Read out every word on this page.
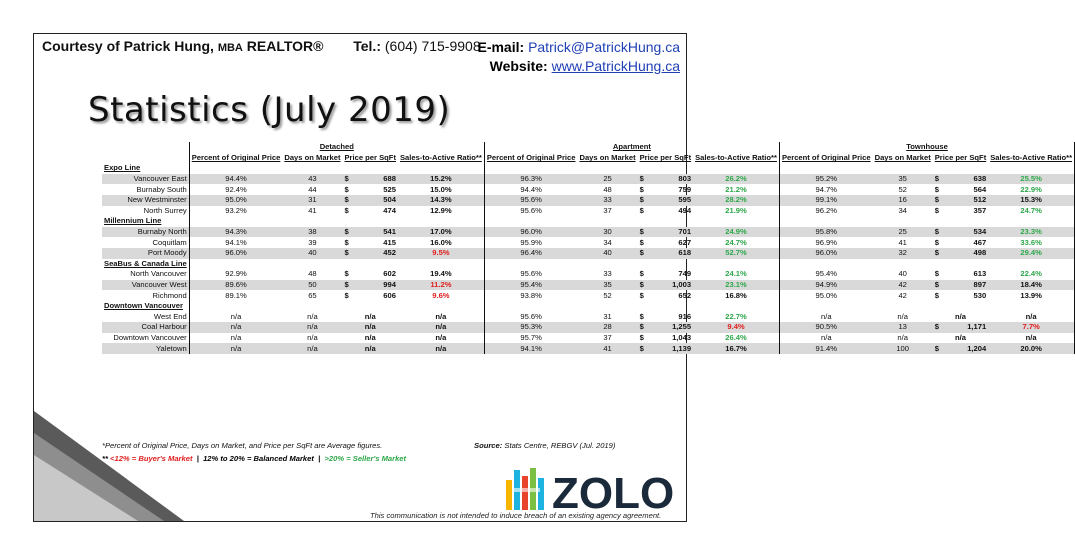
Courtesy of Patrick Hung, MBA REALTOR® Tel.: (604) 715-9908
E-mail: Patrick@PatrickHung.ca
Website: www.PatrickHung.ca
Statistics (July 2019)
	Detached				Apartment				Townhouse			
	Percent of Original Price	Days on Market	Price per SqFt	Sales-to-Active Ratio**	Percent of Original Price	Days on Market	Price per SqFt	Sales-to-Active Ratio**	Percent of Original Price	Days on Market	Price per SqFt	Sales-to-Active Ratio**
Expo Line												
Vancouver East	94.4%	43	$ 688	15.2%	96.3%	25	$ 803	26.2%	95.2%	35	$ 638	25.5%
Burnaby South	92.4%	44	$ 525	15.0%	94.4%	48	$ 759	21.2%	94.7%	52	$ 564	22.9%
New Westminster	95.0%	31	$ 504	14.3%	95.6%	33	$ 595	28.2%	99.1%	16	$ 512	15.3%
North Surrey	93.2%	41	$ 474	12.9%	95.6%	37	$ 494	21.9%	96.2%	34	$ 357	24.7%
Millennium Line												
Burnaby North	94.3%	38	$ 541	17.0%	96.0%	30	$ 701	24.9%	95.8%	25	$ 534	23.3%
Coquitlam	94.1%	39	$ 415	16.0%	95.9%	34	$ 627	24.7%	96.9%	41	$ 467	33.6%
Port Moody	96.0%	40	$ 452	9.5%	96.4%	40	$ 618	52.7%	96.0%	32	$ 498	29.4%
SeaBus & Canada Line												
North Vancouver	92.9%	48	$ 602	19.4%	95.6%	33	$ 749	24.1%	95.4%	40	$ 613	22.4%
Vancouver West	89.6%	50	$ 994	11.2%	95.4%	35	$ 1,003	23.1%	94.9%	42	$ 897	18.4%
Richmond	89.1%	65	$ 606	9.6%	93.8%	52	$ 652	16.8%	95.0%	42	$ 530	13.9%
Downtown Vancouver												
West End	n/a	n/a	n/a	n/a	95.6%	31	$ 916	22.7%	n/a	n/a	n/a	n/a
Coal Harbour	n/a	n/a	n/a	n/a	95.3%	28	$ 1,255	9.4%	90.5%	13	$ 1,171	7.7%
Downtown Vancouver	n/a	n/a	n/a	n/a	95.7%	37	$ 1,043	26.4%	n/a	n/a	n/a	n/a
Yaletown	n/a	n/a	n/a	n/a	94.1%	41	$ 1,139	16.7%	91.4%	100	$ 1,204	20.0%
*Percent of Original Price, Days on Market, and Price per SqFt are Average figures.	Source: Stats Centre, REBGV (Jul. 2019)
** <12% = Buyer's Market | 12% to 20% = Balanced Market | >20% = Seller's Market
ZOLO
This communication is not intended to induce breach of an existing agency agreement.
